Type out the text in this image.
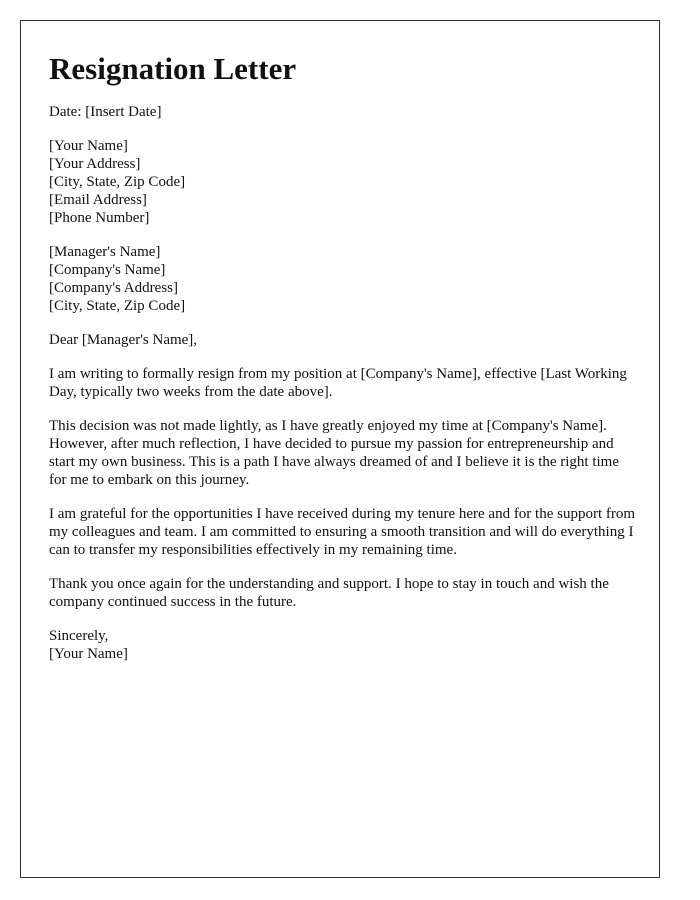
Resignation Letter

Date: [Insert Date]

[Your Name]
[Your Address]
[City, State, Zip Code]
[Email Address]
[Phone Number]

[Manager's Name]
[Company's Name]
[Company's Address]
[City, State, Zip Code]

Dear [Manager's Name],

I am writing to formally resign from my position at [Company's Name], effective [Last Working Day, typically two weeks from the date above].

This decision was not made lightly, as I have greatly enjoyed my time at [Company's Name]. However, after much reflection, I have decided to pursue my passion for entrepreneurship and start my own business. This is a path I have always dreamed of and I believe it is the right time for me to embark on this journey.

I am grateful for the opportunities I have received during my tenure here and for the support from my colleagues and team. I am committed to ensuring a smooth transition and will do everything I can to transfer my responsibilities effectively in my remaining time.

Thank you once again for the understanding and support. I hope to stay in touch and wish the company continued success in the future.

Sincerely,
[Your Name]
